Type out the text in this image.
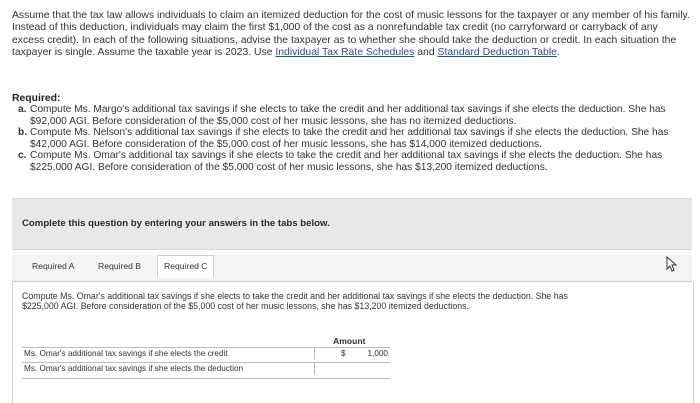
Assume that the tax law allows individuals to claim an itemized deduction for the cost of music lessons for the taxpayer or any member of his family. Instead of this deduction, individuals may claim the first $1,000 of the cost as a nonrefundable tax credit (no carryforward or carryback of any excess credit). In each of the following situations, advise the taxpayer as to whether she should take the deduction or credit. In each situation the taxpayer is single. Assume the taxable year is 2023. Use Individual Tax Rate Schedules and Standard Deduction Table.
Required:
a. Compute Ms. Margo's additional tax savings if she elects to take the credit and her additional tax savings if she elects the deduction. She has $92,000 AGI. Before consideration of the $5,000 cost of her music lessons, she has no itemized deductions.
b. Compute Ms. Nelson's additional tax savings if she elects to take the credit and her additional tax savings if she elects the deduction. She has $42,000 AGI. Before consideration of the $5,000 cost of her music lessons, she has $14,000 itemized deductions.
c. Compute Ms. Omar's additional tax savings if she elects to take the credit and her additional tax savings if she elects the deduction. She has $225,000 AGI. Before consideration of the $5,000 cost of her music lessons, she has $13,200 itemized deductions.
Complete this question by entering your answers in the tabs below.
Required A	Required B	Required C
Compute Ms. Omar's additional tax savings if she elects to take the credit and her additional tax savings if she elects the deduction. She has $225,000 AGI. Before consideration of the $5,000 cost of her music lessons, she has $13,200 itemized deductions.
Amount
Ms. Omar's additional tax savings if she elects the credit	$	1,000
Ms. Omar's additional tax savings if she elects the deduction
